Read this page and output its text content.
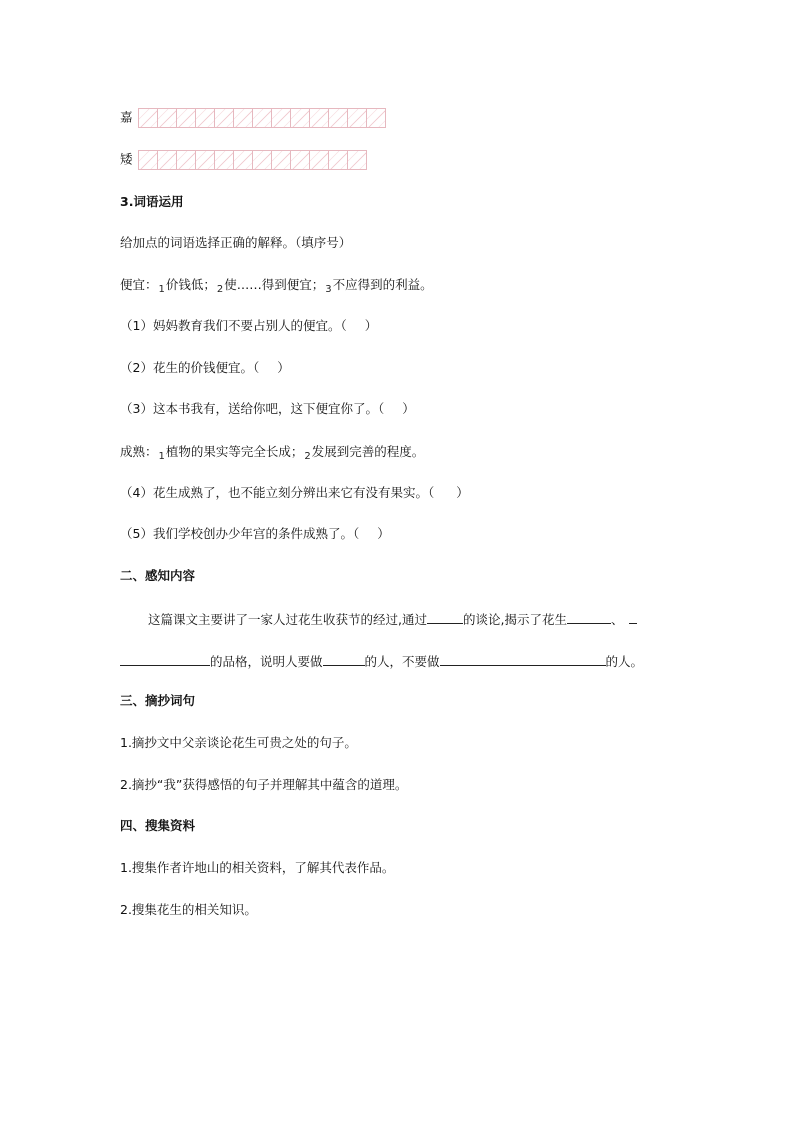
嘉
矮
3.词语运用
给加点的词语选择正确的解释。（填序号）
便宜：1价钱低；2使……得到便宜；3不应得到的利益。
（1）妈妈教育我们不要占别人的便宜。（ ）
（2）花生的价钱便宜。（ ）
（3）这本书我有，送给你吧，这下便宜你了。（ ）
成熟：1植物的果实等完全长成；2发展到完善的程度。
（4）花生成熟了，也不能立刻分辨出来它有没有果实。（ ）
（5）我们学校创办少年宫的条件成熟了。（ ）
二、感知内容
这篇课文主要讲了一家人过花生收获节的经过,通过	的谈论,揭示了花生	、
的品格，说明人要做	的人，不要做	的人。
三、摘抄词句
1.摘抄文中父亲谈论花生可贵之处的句子。
2.摘抄“我”获得感悟的句子并理解其中蕴含的道理。
四、搜集资料
1.搜集作者许地山的相关资料，了解其代表作品。
2.搜集花生的相关知识。
